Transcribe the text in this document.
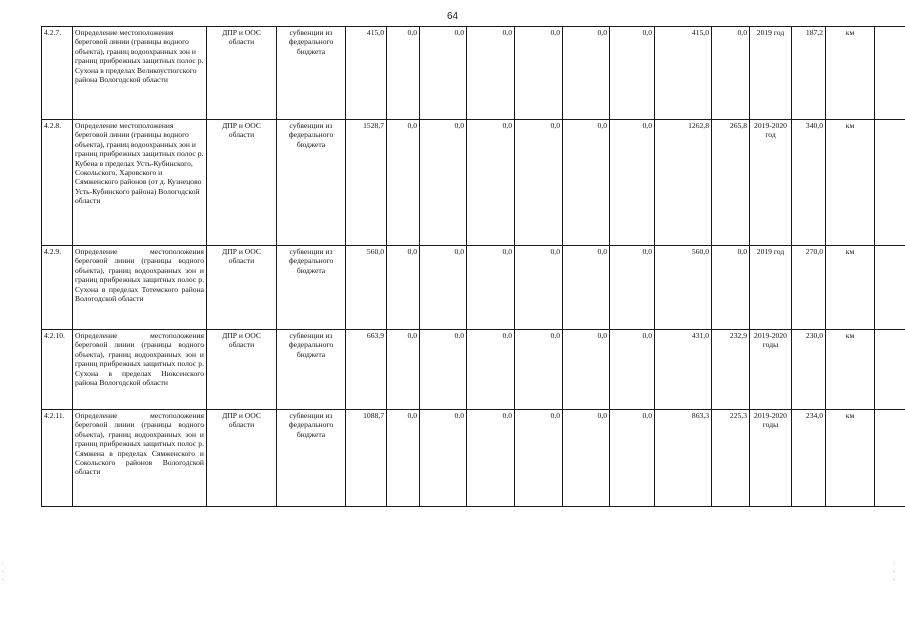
64
4.2.7.	Определение местоположения береговой линии (границы водного объекта), границ водоохранных зон и границ прибрежных защитных полос р. Сухона в пределах Великоустюгского района Вологодской области	ДПР и ООС области	субвенции из федерального бюджета	415,0	0,0	0,0	0,0	0,0	0,0	0,0	415,0	0,0	2019 год	187,2	км	
4.2.8.	Определение местоположения береговой линии (границы водного объекта), границ водоохранных зон и границ прибрежных защитных полос р. Кубена в пределах Усть-Кубинского, Сокольского, Харовского и Сямженского районов (от д. Кузнецово Усть-Кубинского района) Вологодской области	ДПР и ООС области	субвенции из федерального бюджета	1528,7	0,0	0,0	0,0	0,0	0,0	0,0	1262,8	265,8	2019-2020 год	340,0	км	
4.2.9.	Определение местоположения береговой линии (границы водного объекта), границ водоохранных зон и границ прибрежных защитных полос р. Сухона в пределах Тотемского района Вологодской области	ДПР и ООС области	субвенции из федерального бюджета	560,0	0,0	0,0	0,0	0,0	0,0	0,0	560,0	0,0	2019 год	270,0	км	
4.2.10.	Определение местоположения береговой линии (границы водного объекта), границ водоохранных зон и границ прибрежных защитных полос р. Сухона в пределах Нюксенского района Вологодской области	ДПР и ООС области	субвенции из федерального бюджета	663,9	0,0	0,0	0,0	0,0	0,0	0,0	431,0	232,9	2019-2020 годы	230,0	км	
4.2.11.	Определение местоположения береговой линии (границы водного объекта), границ водоохранных зон и границ прибрежных защитных полос р. Сямжена в пределах Сямженского и Сокольского районов Вологодской области	ДПР и ООС области	субвенции из федерального бюджета	1088,7	0,0	0,0	0,0	0,0	0,0	0,0	863,3	225,3	2019-2020 годы	234,0	км	
:
-
-
:
-
-
